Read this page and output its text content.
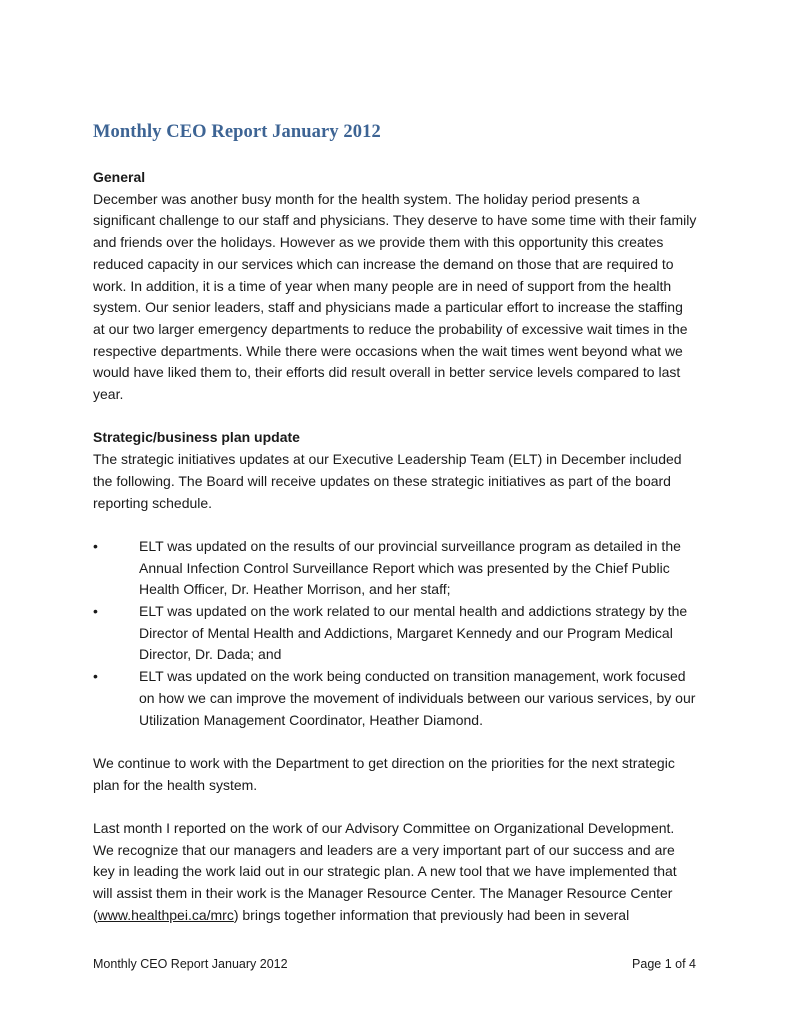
Monthly CEO Report January 2012

General

December was another busy month for the health system. The holiday period presents a significant challenge to our staff and physicians. They deserve to have some time with their family and friends over the holidays. However as we provide them with this opportunity this creates reduced capacity in our services which can increase the demand on those that are required to work. In addition, it is a time of year when many people are in need of support from the health system. Our senior leaders, staff and physicians made a particular effort to increase the staffing at our two larger emergency departments to reduce the probability of excessive wait times in the respective departments. While there were occasions when the wait times went beyond what we would have liked them to, their efforts did result overall in better service levels compared to last year.

Strategic/business plan update

The strategic initiatives updates at our Executive Leadership Team (ELT) in December included the following. The Board will receive updates on these strategic initiatives as part of the board reporting schedule.

•	ELT was updated on the results of our provincial surveillance program as detailed in the Annual Infection Control Surveillance Report which was presented by the Chief Public Health Officer, Dr. Heather Morrison, and her staff;
•	ELT was updated on the work related to our mental health and addictions strategy by the Director of Mental Health and Addictions, Margaret Kennedy and our Program Medical Director, Dr. Dada; and
•	ELT was updated on the work being conducted on transition management, work focused on how we can improve the movement of individuals between our various services, by our Utilization Management Coordinator, Heather Diamond.

We continue to work with the Department to get direction on the priorities for the next strategic plan for the health system.

Last month I reported on the work of our Advisory Committee on Organizational Development. We recognize that our managers and leaders are a very important part of our success and are key in leading the work laid out in our strategic plan. A new tool that we have implemented that will assist them in their work is the Manager Resource Center. The Manager Resource Center (www.healthpei.ca/mrc) brings together information that previously had been in several

Monthly CEO Report January 2012	Page 1 of 4
